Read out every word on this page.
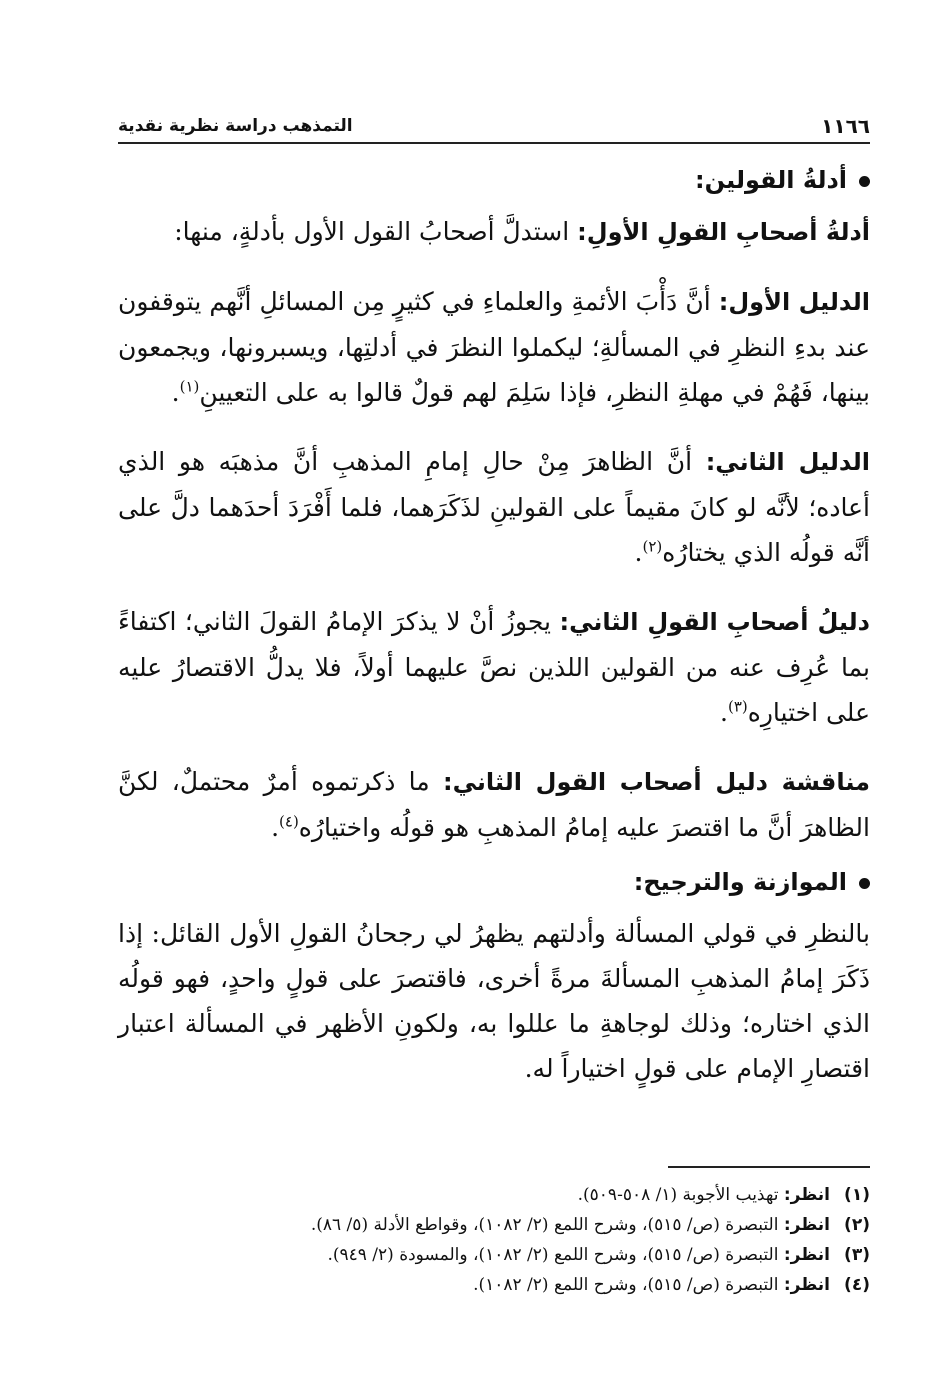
١١٦٦
التمذهب دراسة نظرية نقدية

أدلةُ القولين:

أدلةُ أصحابِ القولِ الأولِ: استدلَّ أصحابُ القول الأول بأدلةٍ، منها:

الدليل الأول: أنَّ دَأْبَ الأئمةِ والعلماءِ في كثيرٍ مِن المسائلِ أنَّهم يتوقفون عند بدءِ النظرِ في المسألةِ؛ ليكملوا النظرَ في أدلتِها، ويسبرونها، ويجمعون بينها، فَهُمْ في مهلةِ النظرِ، فإذا سَلِمَ لهم قولٌ قالوا به على التعيينِ$^{(١)}$.

الدليل الثاني: أنَّ الظاهرَ مِنْ حالِ إمامِ المذهبِ أنَّ مذهبَه هو الذي أعاده؛ لأنَّه لو كانَ مقيماً على القولينِ لذَكَرَهما، فلما أَفْرَدَ أحدَهما دلَّ على أنَّه قولُه الذي يختارُه$^{(٢)}$.

دليلُ أصحابِ القولِ الثاني: يجوزُ أنْ لا يذكرَ الإمامُ القولَ الثاني؛ اكتفاءً بما عُرِف عنه من القولين اللذين نصَّ عليهما أولاً، فلا يدلُّ الاقتصارُ عليه على اختيارِه$^{(٣)}$.

مناقشة دليل أصحاب القول الثاني: ما ذكرتموه أمرٌ محتملٌ، لكنَّ الظاهرَ أنَّ ما اقتصرَ عليه إمامُ المذهبِ هو قولُه واختيارُه$^{(٤)}$.

الموازنة والترجيح:

بالنظرِ في قولي المسألة وأدلتهم يظهرُ لي رجحانُ القولِ الأول القائل: إذا ذَكَرَ إمامُ المذهبِ المسألةَ مرةً أخرى، فاقتصرَ على قولٍ واحدٍ، فهو قولُه الذي اختاره؛ وذلك لوجاهةِ ما عللوا به، ولكونِ الأظهر في المسألة اعتبار اقتصارِ الإمام على قولٍ اختياراً له.

(١)انظر: تهذيب الأجوبة (١/ ٥٠٨-٥٠٩).

(٢)انظر: التبصرة (ص/ ٥١٥)، وشرح اللمع (٢/ ١٠٨٢)، وقواطع الأدلة (٥/ ٨٦).

(٣)انظر: التبصرة (ص/ ٥١٥)، وشرح اللمع (٢/ ١٠٨٢)، والمسودة (٢/ ٩٤٩).

(٤)انظر: التبصرة (ص/ ٥١٥)، وشرح اللمع (٢/ ١٠٨٢).
